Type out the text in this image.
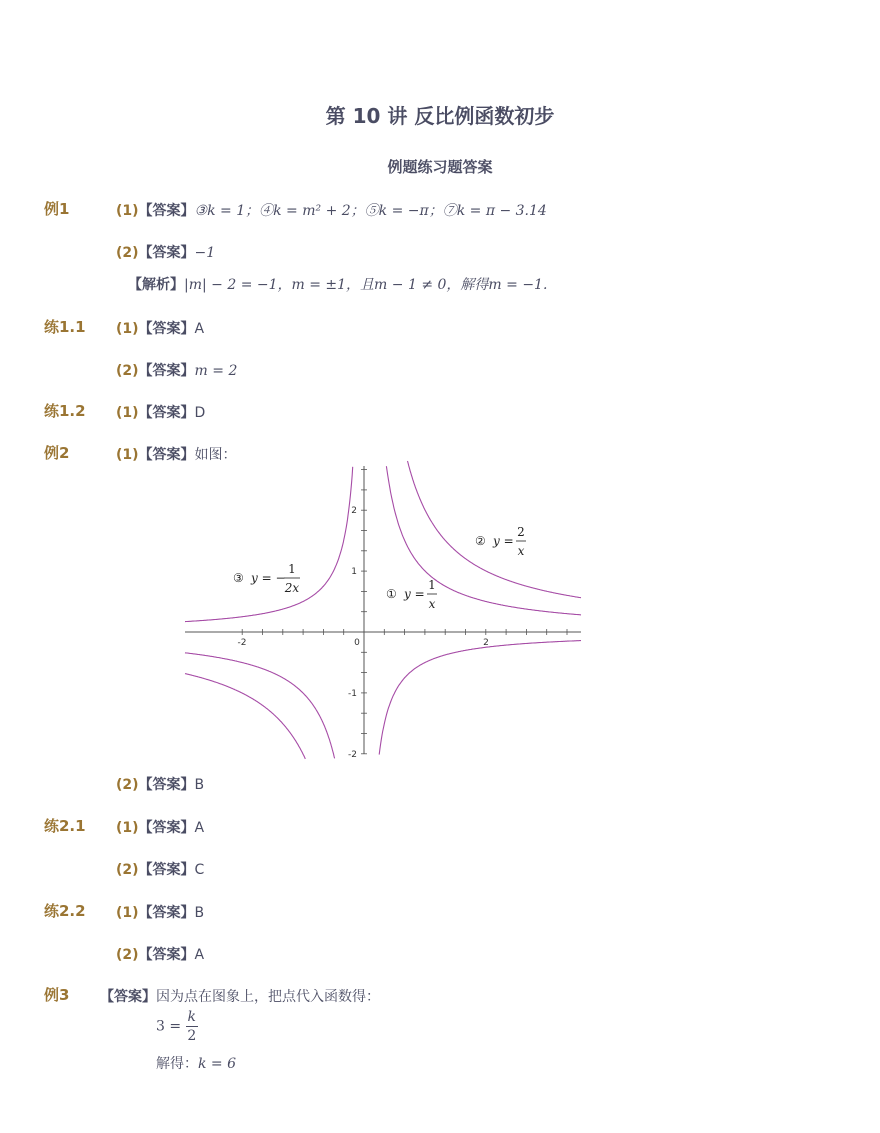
第 10 讲 反比例函数初步
例题练习题答案
例1	(1)【答案】③k = 1；④k = m² + 2；⑤k = −π；⑦k = π − 3.14
(2)【答案】−1
【解析】|m| − 2 = −1，m = ±1，且m − 1 ≠ 0，解得m = −1.
练1.1 (1)【答案】A
(2)【答案】m = 2
练1.2 (1)【答案】D
例2	(1)【答案】如图：
-2	0	2
2
1
-1
-2
③ y = −
1
2x	① y =
1
x
② y =
2
x
(2)【答案】B
练2.1 (1)【答案】A
(2)【答案】C
练2.2 (1)【答案】B
(2)【答案】A
例3 【答案】因为点在图象上，把点代入函数得：
$3 = \frac{k}{2}$
解得：k = 6
